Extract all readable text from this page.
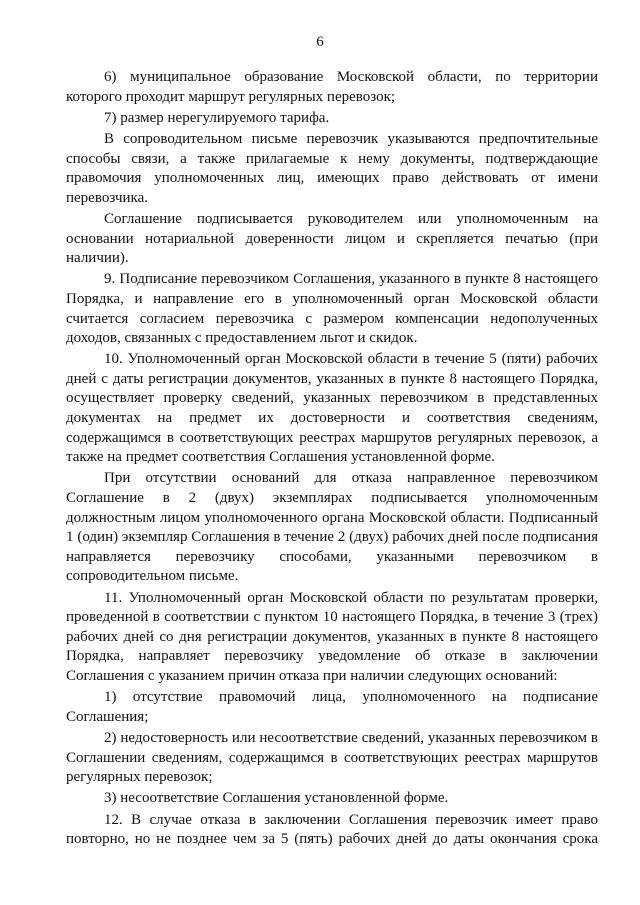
6

6) муниципальное образование Московской области, по территории которого проходит маршрут регулярных перевозок;

7) размер нерегулируемого тарифа.

В сопроводительном письме перевозчик указываются предпочтительные способы связи, а также прилагаемые к нему документы, подтверждающие правомочия уполномоченных лиц, имеющих право действовать от имени перевозчика.

Соглашение подписывается руководителем или уполномоченным на основании нотариальной доверенности лицом и скрепляется печатью (при наличии).

9. Подписание перевозчиком Соглашения, указанного в пункте 8 настоящего Порядка, и направление его в уполномоченный орган Московской области считается согласием перевозчика с размером компенсации недополученных доходов, связанных с предоставлением льгот и скидок.

10. Уполномоченный орган Московской области в течение 5 (пяти) рабочих дней с даты регистрации документов, указанных в пункте 8 настоящего Порядка, осуществляет проверку сведений, указанных перевозчиком в представленных документах на предмет их достоверности и соответствия сведениям, содержащимся в соответствующих реестрах маршрутов регулярных перевозок, а также на предмет соответствия Соглашения установленной форме.

При отсутствии оснований для отказа направленное перевозчиком Соглашение в 2 (двух) экземплярах подписывается уполномоченным должностным лицом уполномоченного органа Московской области. Подписанный 1 (один) экземпляр Соглашения в течение 2 (двух) рабочих дней после подписания направляется перевозчику способами, указанными перевозчиком в сопроводительном письме.

11. Уполномоченный орган Московской области по результатам проверки, проведенной в соответствии с пунктом 10 настоящего Порядка, в течение 3 (трех) рабочих дней со дня регистрации документов, указанных в пункте 8 настоящего Порядка, направляет перевозчику уведомление об отказе в заключении Соглашения с указанием причин отказа при наличии следующих оснований:

1) отсутствие правомочий лица, уполномоченного на подписание Соглашения;

2) недостоверность или несоответствие сведений, указанных перевозчиком в Соглашении сведениям, содержащимся в соответствующих реестрах маршрутов регулярных перевозок;

3) несоответствие Соглашения установленной форме.

12. В случае отказа в заключении Соглашения перевозчик имеет право повторно, но не позднее чем за 5 (пять) рабочих дней до даты окончания срока
